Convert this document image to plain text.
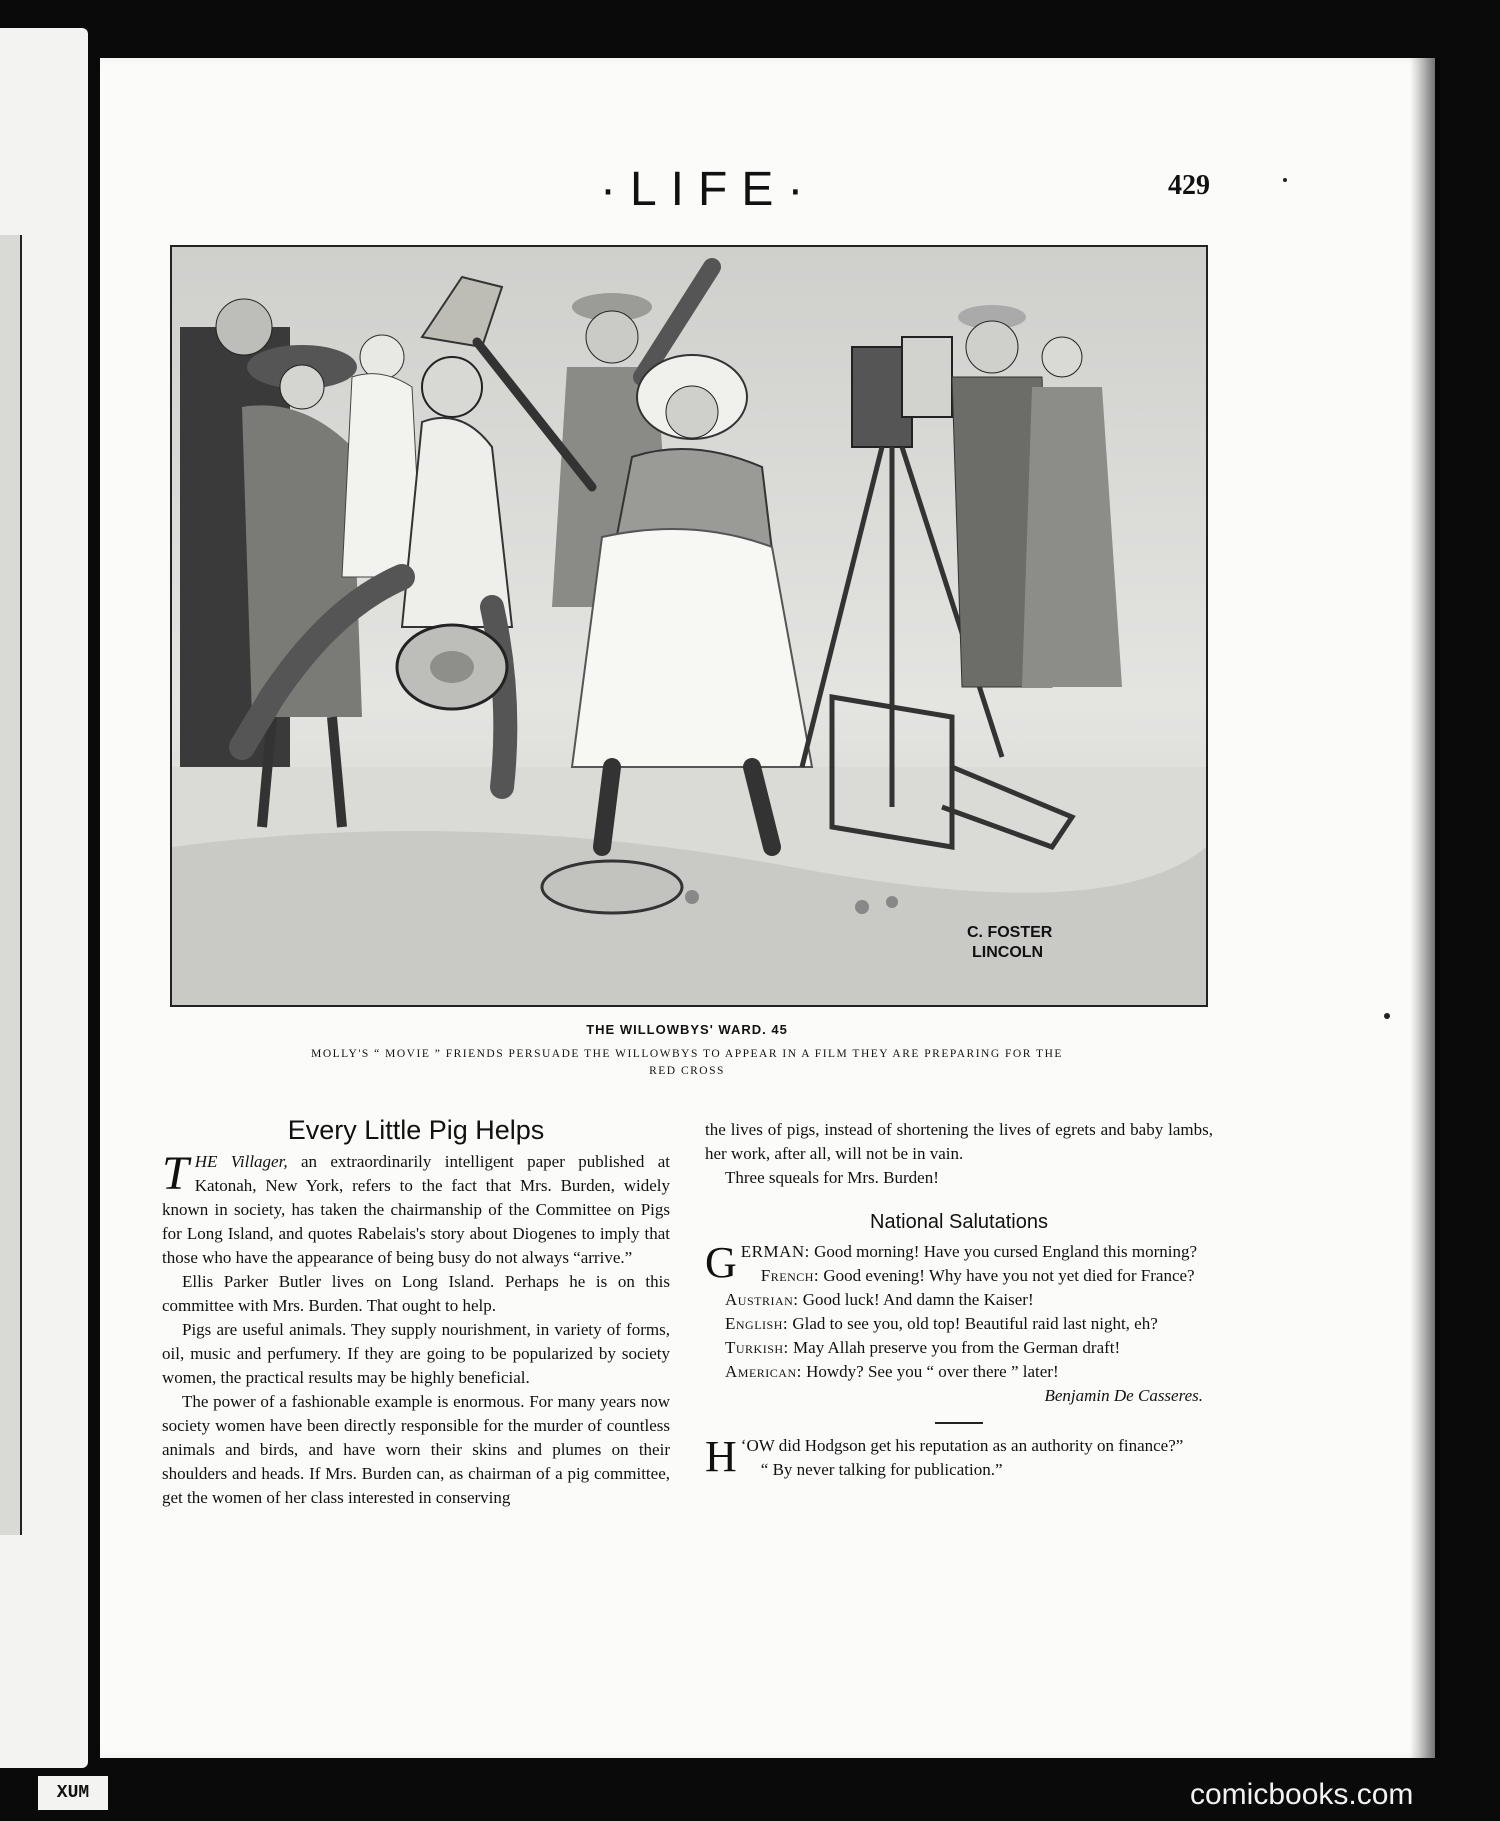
·LIFE·	429
C. FOSTER
LINCOLN
THE WILLOWBYS' WARD. 45
MOLLY'S “ MOVIE ” FRIENDS PERSUADE THE WILLOWBYS TO APPEAR IN A FILM THEY ARE PREPARING FOR THE RED CROSS
Every Little Pig Helps

THE Villager, an extraordinarily intelligent paper published at Katonah, New York, refers to the fact that Mrs. Burden, widely known in society, has taken the chairmanship of the Committee on Pigs for Long Island, and quotes Rabelais's story about Diogenes to imply that those who have the appearance of being busy do not always “arrive.”

Ellis Parker Butler lives on Long Island. Perhaps he is on this committee with Mrs. Burden. That ought to help.

Pigs are useful animals. They supply nourishment, in variety of forms, oil, music and perfumery. If they are going to be popularized by society women, the practical results may be highly beneficial.

The power of a fashionable example is enormous. For many years now society women have been directly responsible for the murder of countless animals and birds, and have worn their skins and plumes on their shoulders and heads. If Mrs. Burden can, as chairman of a pig committee, get the women of her class interested in conserving

the lives of pigs, instead of shortening the lives of egrets and baby lambs, her work, after all, will not be in vain.

Three squeals for Mrs. Burden!

National Salutations

GERMAN: Good morning! Have you cursed England this morning?

French: Good evening! Why have you not yet died for France?

Austrian: Good luck! And damn the Kaiser!

English: Glad to see you, old top! Beautiful raid last night, eh?

Turkish: May Allah preserve you from the German draft!

American: Howdy? See you “ over there ” later!

Benjamin De Casseres.

‘
H OW did Hodgson get his reputation as an authority on finance?”

“ By never talking for publication.”

XUM	comicbooks.com
